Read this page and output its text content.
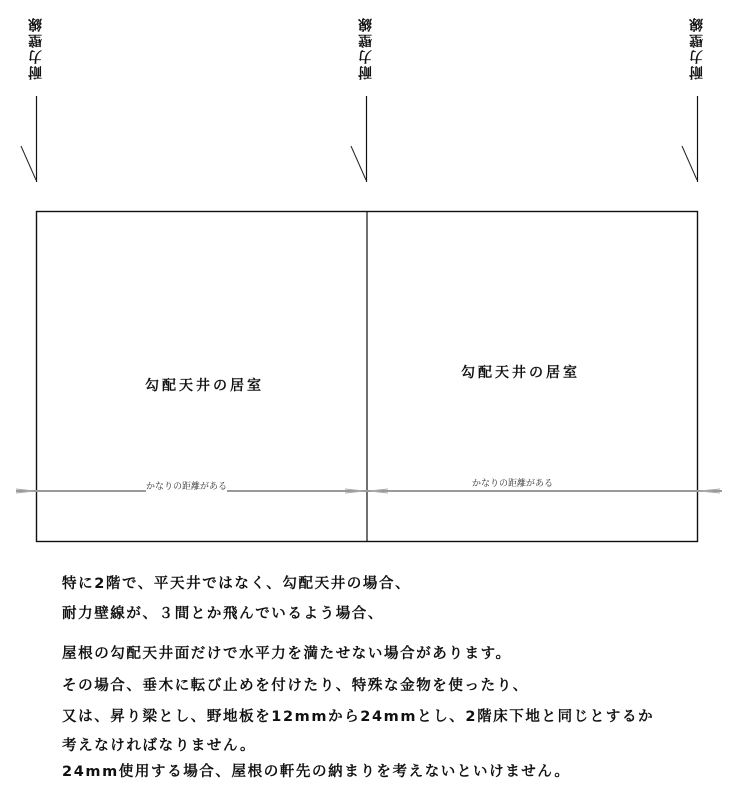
耐力壁線	耐力壁線	耐力壁線
勾配天井の居室
かなりの距離がある
勾配天井の居室
かなりの距離がある
特に2階で、平天井ではなく、勾配天井の場合、
耐力壁線が、３間とか飛んでいるよう場合、
屋根の勾配天井面だけで水平力を満たせない場合があります。
その場合、垂木に転び止めを付けたり、特殊な金物を使ったり、
又は、昇り梁とし、野地板を12mmから24mmとし、2階床下地と同じとするか
考えなければなりません。
24mm使用する場合、屋根の軒先の納まりを考えないといけません。
